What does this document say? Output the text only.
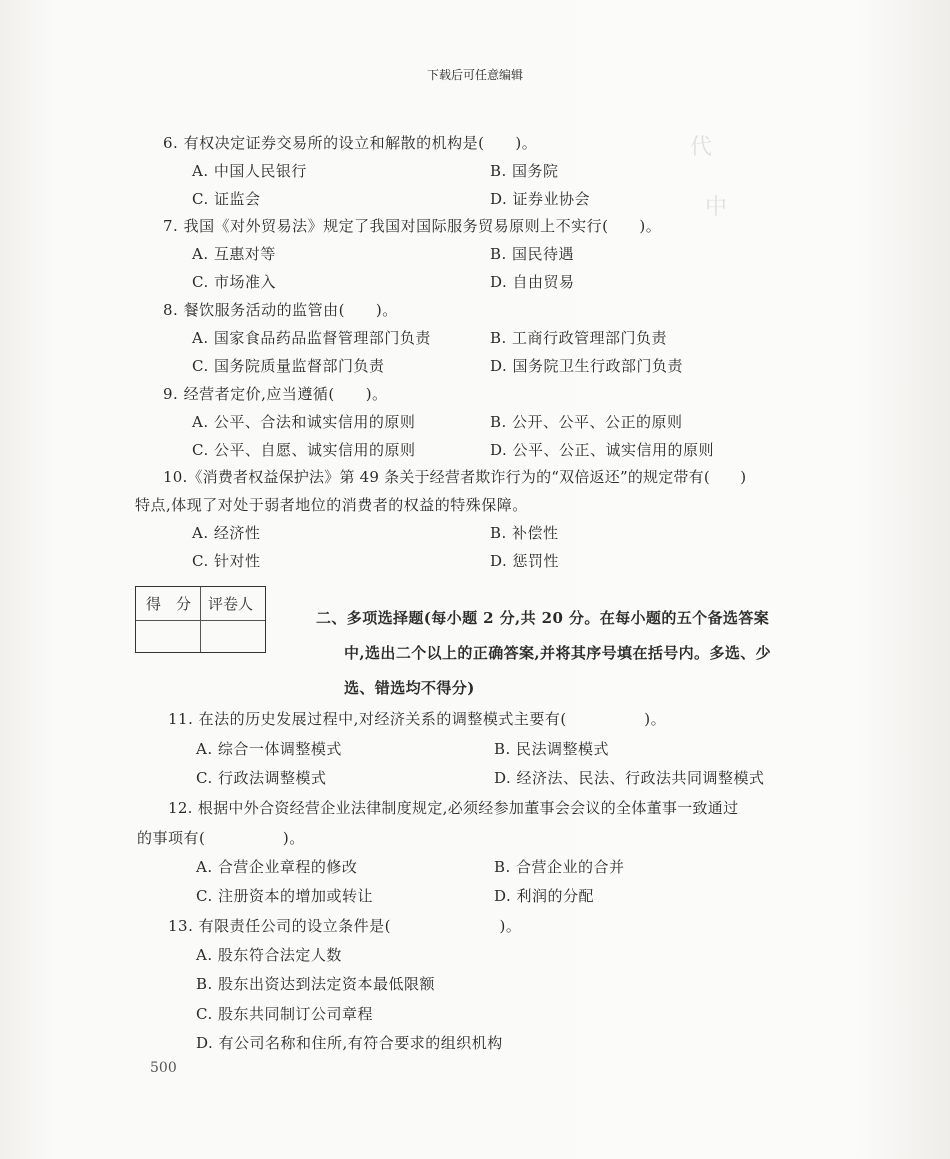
代
中
下载后可任意编辑
6. 有权决定证券交易所的设立和解散的机构是(　　)。
A. 中国人民银行	B. 国务院
C. 证监会	D. 证券业协会
7. 我国《对外贸易法》规定了我国对国际服务贸易原则上不实行(　　)。
A. 互惠对等	B. 国民待遇
C. 市场准入	D. 自由贸易
8. 餐饮服务活动的监管由(　　)。
A. 国家食品药品监督管理部门负责	B. 工商行政管理部门负责
C. 国务院质量监督部门负责	D. 国务院卫生行政部门负责
9. 经营者定价,应当遵循(　　)。
A. 公平、合法和诚实信用的原则	B. 公开、公平、公正的原则
C. 公平、自愿、诚实信用的原则	D. 公平、公正、诚实信用的原则
10.《消费者权益保护法》第 49 条关于经营者欺诈行为的“双倍返还”的规定带有(　　)
特点,体现了对处于弱者地位的消费者的权益的特殊保障。
A. 经济性	B. 补偿性
C. 针对性	D. 惩罚性
得　分 评卷人
二、多项选择题(每小题 2 分,共 20 分。在每小题的五个备选答案
中,选出二个以上的正确答案,并将其序号填在括号内。多选、少
选、错选均不得分)
11. 在法的历史发展过程中,对经济关系的调整模式主要有(　　　　　)。
A. 综合一体调整模式	B. 民法调整模式
C. 行政法调整模式	D. 经济法、民法、行政法共同调整模式
12. 根据中外合资经营企业法律制度规定,必须经参加董事会会议的全体董事一致通过
的事项有(　　　　　)。
A. 合营企业章程的修改	B. 合营企业的合并
C. 注册资本的增加或转让	D. 利润的分配
13. 有限责任公司的设立条件是(　　　　　　　)。
A. 股东符合法定人数
B. 股东出资达到法定资本最低限额
C. 股东共同制订公司章程
D. 有公司名称和住所,有符合要求的组织机构
500
